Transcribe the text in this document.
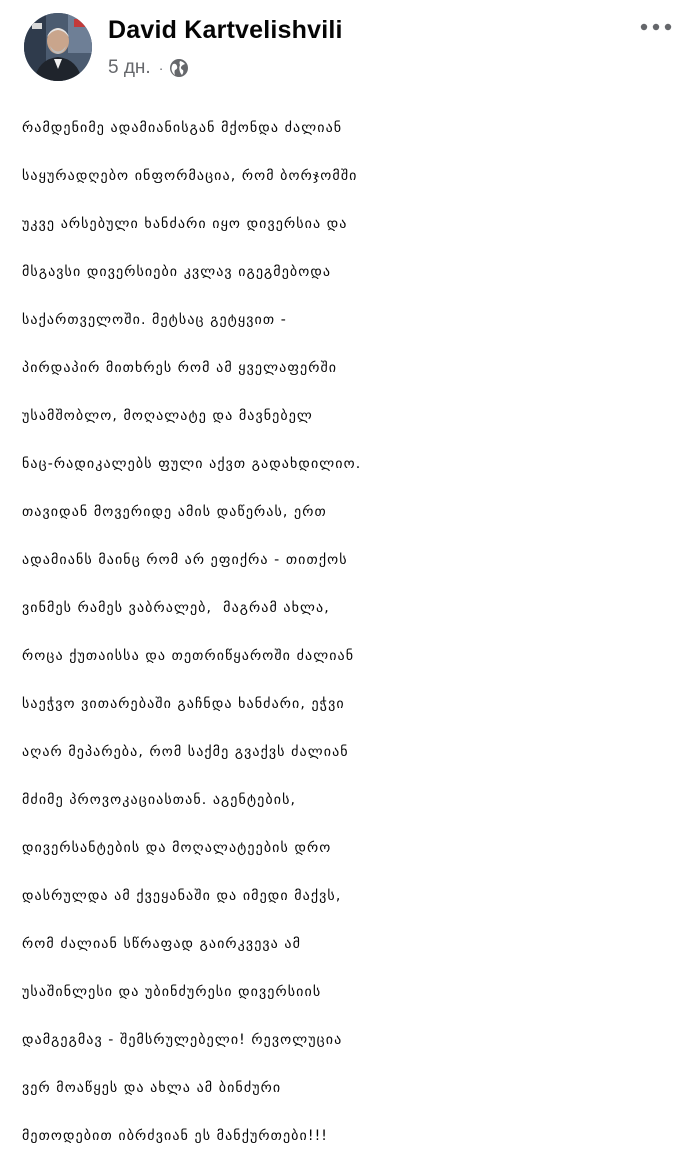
David Kartvelishvili
5 дн. ·
რამდენიმე ადამიანისგან მქონდა ძალიან
საყურადღებო ინფორმაცია, რომ ბორჯომში
უკვე არსებული ხანძარი იყო დივერსია და
მსგავსი დივერსიები კვლავ იგეგმებოდა
საქართველოში. მეტსაც გეტყვით -
პირდაპირ მითხრეს რომ ამ ყველაფერში
უსამშობლო, მოღალატე და მავნებელ
ნაც-რადიკალებს ფული აქვთ გადახდილიო.
თავიდან მოვერიდე ამის დაწერას, ერთ
ადამიანს მაინც რომ არ ეფიქრა - თითქოს
ვინმეს რამეს ვაბრალებ,  მაგრამ ახლა,
როცა ქუთაისსა და თეთრიწყაროში ძალიან
საეჭვო ვითარებაში გაჩნდა ხანძარი, ეჭვი
აღარ მეპარება, რომ საქმე გვაქვს ძალიან
მძიმე პროვოკაციასთან. აგენტების,
დივერსანტების და მოღალატეების დრო
დასრულდა ამ ქვეყანაში და იმედი მაქვს,
რომ ძალიან სწრაფად გაირკვევა ამ
უსაშინლესი და უბინძურესი დივერსიის
დამგეგმავ - შემსრულებელი! რევოლუცია
ვერ მოაწყეს და ახლა ამ ბინძური
მეთოდებით იბრძვიან ეს მანქურთები!!!
